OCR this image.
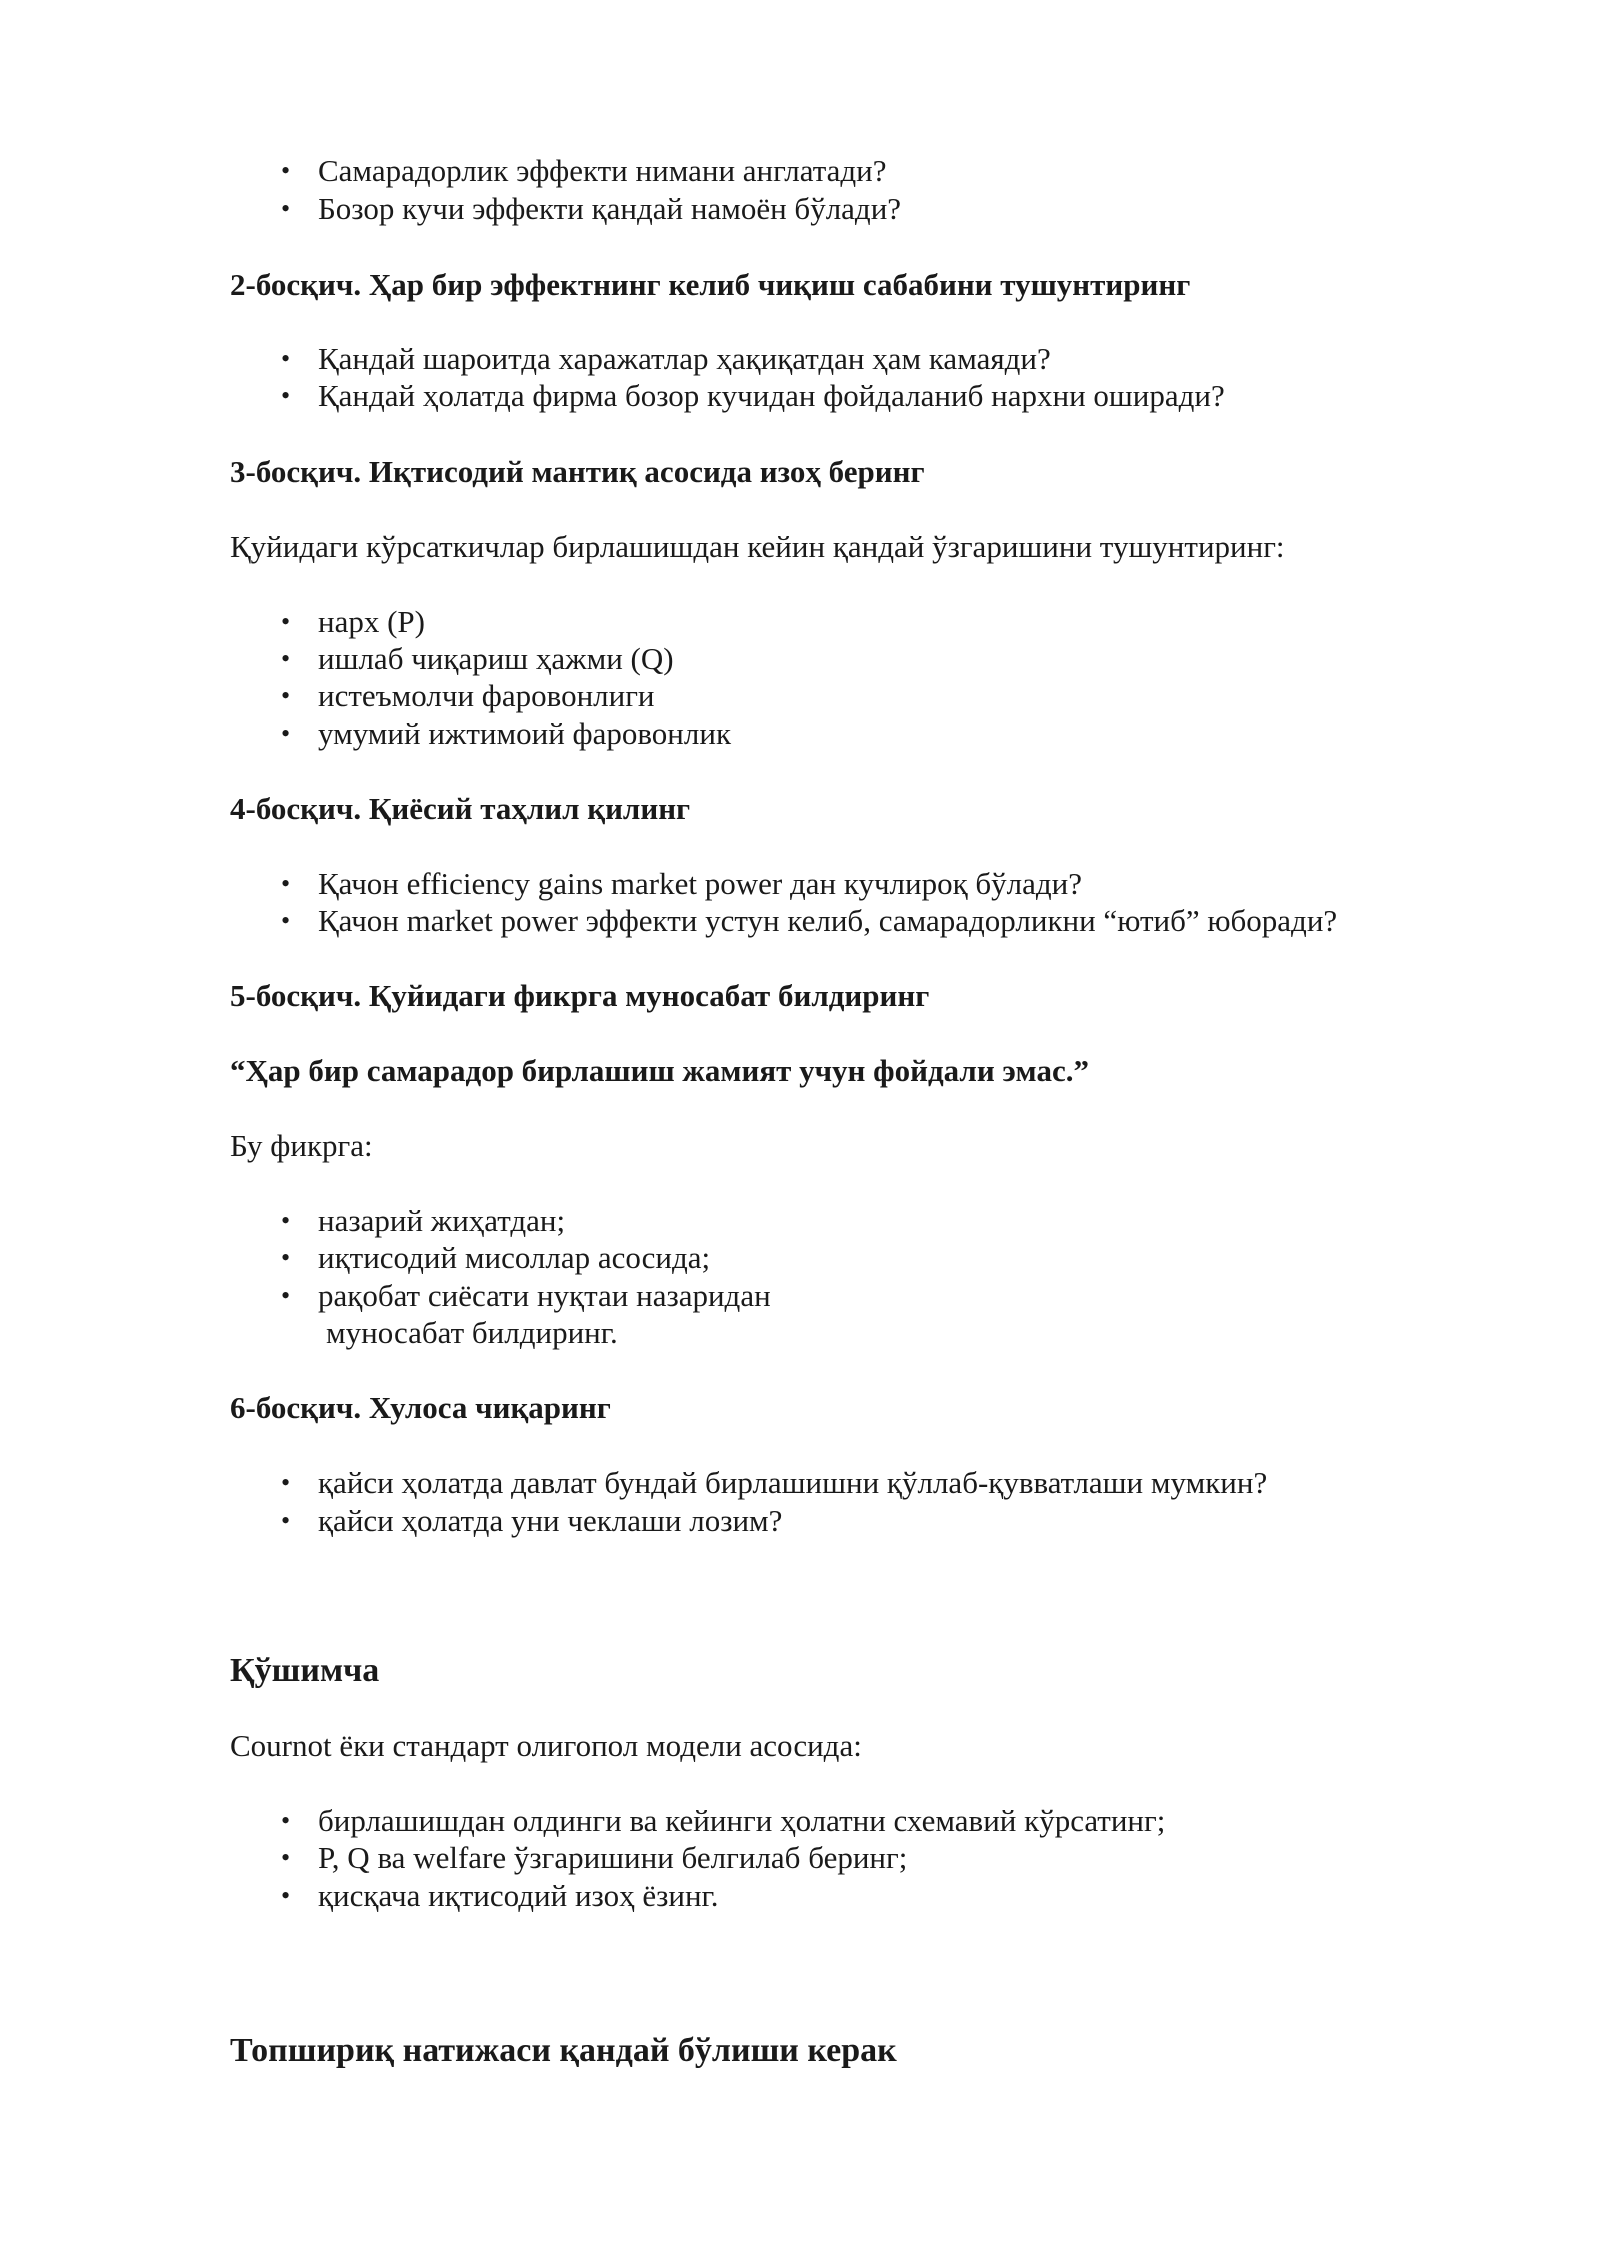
• Самарадорлик эффекти нимани англатади?
• Бозор кучи эффекти қандай намоён бўлади?
2-босқич. Ҳар бир эффектнинг келиб чиқиш сабабини тушунтиринг
• Қандай шароитда харажатлар ҳақиқатдан ҳам камаяди?
• Қандай ҳолатда фирма бозор кучидан фойдаланиб нархни оширади?
3-босқич. Иқтисодий мантиқ асосида изоҳ беринг
Қуйидаги кўрсаткичлар бирлашишдан кейин қандай ўзгаришини тушунтиринг:
• нарх (P)
• ишлаб чиқариш ҳажми (Q)
• истеъмолчи фаровонлиги
• умумий ижтимоий фаровонлик
4-босқич. Қиёсий таҳлил қилинг
• Қачон efficiency gains market power дан кучлироқ бўлади?
• Қачон market power эффекти устун келиб, самарадорликни “ютиб” юборади?
5-босқич. Қуйидаги фикрга муносабат билдиринг
“Ҳар бир самарадор бирлашиш жамият учун фойдали эмас.”
Бу фикрга:
• назарий жиҳатдан;
• иқтисодий мисоллар асосида;
• рақобат сиёсати нуқтаи назаридан
муносабат билдиринг.
6-босқич. Хулоса чиқаринг
• қайси ҳолатда давлат бундай бирлашишни қўллаб-қувватлаши мумкин?
• қайси ҳолатда уни чеклаши лозим?
Қўшимча
Cournot ёки стандарт олигопол модели асосида:
• бирлашишдан олдинги ва кейинги ҳолатни схемавий кўрсатинг;
• P, Q ва welfare ўзгаришини белгилаб беринг;
• қисқача иқтисодий изоҳ ёзинг.
Топшириқ натижаси қандай бўлиши керак
